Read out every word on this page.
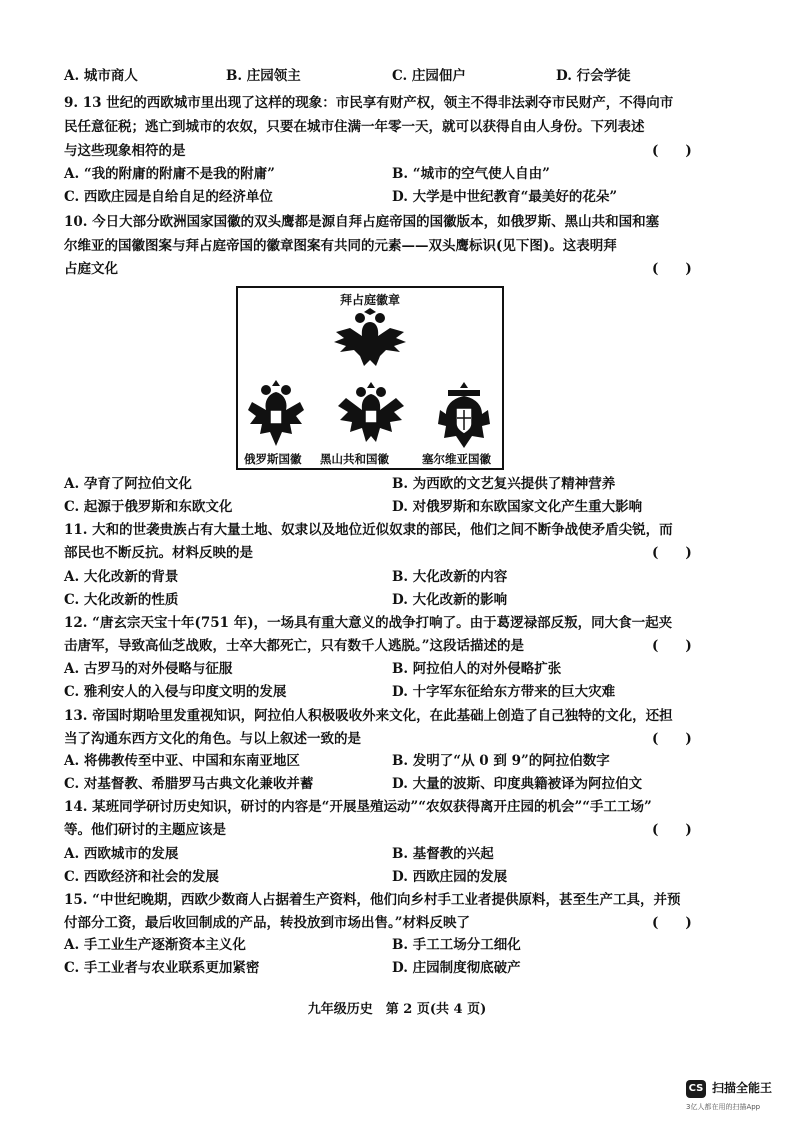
A. 城市商人	B. 庄园领主	C. 庄园佃户	D. 行会学徒
9. 13 世纪的西欧城市里出现了这样的现象：市民享有财产权，领主不得非法剥夺市民财产，不得向市
民任意征税；逃亡到城市的农奴，只要在城市住满一年零一天，就可以获得自由人身份。下列表述
与这些现象相符的是	(　　)
A. “我的附庸的附庸不是我的附庸”	B. “城市的空气使人自由”
C. 西欧庄园是自给自足的经济单位	D. 大学是中世纪教育“最美好的花朵”
10. 今日大部分欧洲国家国徽的双头鹰都是源自拜占庭帝国的国徽版本，如俄罗斯、黑山共和国和塞
尔维亚的国徽图案与拜占庭帝国的徽章图案有共同的元素——双头鹰标识(见下图)。这表明拜
占庭文化	(　　)
拜占庭徽章
俄罗斯国徽 黑山共和国徽	塞尔维亚国徽
A. 孕育了阿拉伯文化	B. 为西欧的文艺复兴提供了精神营养
C. 起源于俄罗斯和东欧文化	D. 对俄罗斯和东欧国家文化产生重大影响
11. 大和的世袭贵族占有大量土地、奴隶以及地位近似奴隶的部民，他们之间不断争战使矛盾尖锐，而
部民也不断反抗。材料反映的是	(　　)
A. 大化改新的背景	B. 大化改新的内容
C. 大化改新的性质	D. 大化改新的影响
12. “唐玄宗天宝十年(751 年)，一场具有重大意义的战争打响了。由于葛逻禄部反叛，同大食一起夹
击唐军，导致高仙芝战败，士卒大都死亡，只有数千人逃脱。”这段话描述的是	(　　)
A. 古罗马的对外侵略与征服	B. 阿拉伯人的对外侵略扩张
C. 雅利安人的入侵与印度文明的发展	D. 十字军东征给东方带来的巨大灾难
13. 帝国时期哈里发重视知识，阿拉伯人积极吸收外来文化，在此基础上创造了自己独特的文化，还担
当了沟通东西方文化的角色。与以上叙述一致的是	(　　)
A. 将佛教传至中亚、中国和东南亚地区	B. 发明了“从 0 到 9”的阿拉伯数字
C. 对基督教、希腊罗马古典文化兼收并蓄	D. 大量的波斯、印度典籍被译为阿拉伯文
14. 某班同学研讨历史知识，研讨的内容是“开展垦殖运动”“农奴获得离开庄园的机会”“手工工场”
等。他们研讨的主题应该是	(　　)
A. 西欧城市的发展	B. 基督教的兴起
C. 西欧经济和社会的发展	D. 西欧庄园的发展
15. “中世纪晚期，西欧少数商人占据着生产资料，他们向乡村手工业者提供原料，甚至生产工具，并预
付部分工资，最后收回制成的产品，转投放到市场出售。”材料反映了	(　　)
A. 手工业生产逐渐资本主义化	B. 手工工场分工细化
C. 手工业者与农业联系更加紧密	D. 庄园制度彻底破产
九年级历史　第 2 页(共 4 页)
CS 扫描全能王
3亿人都在用的扫描App
